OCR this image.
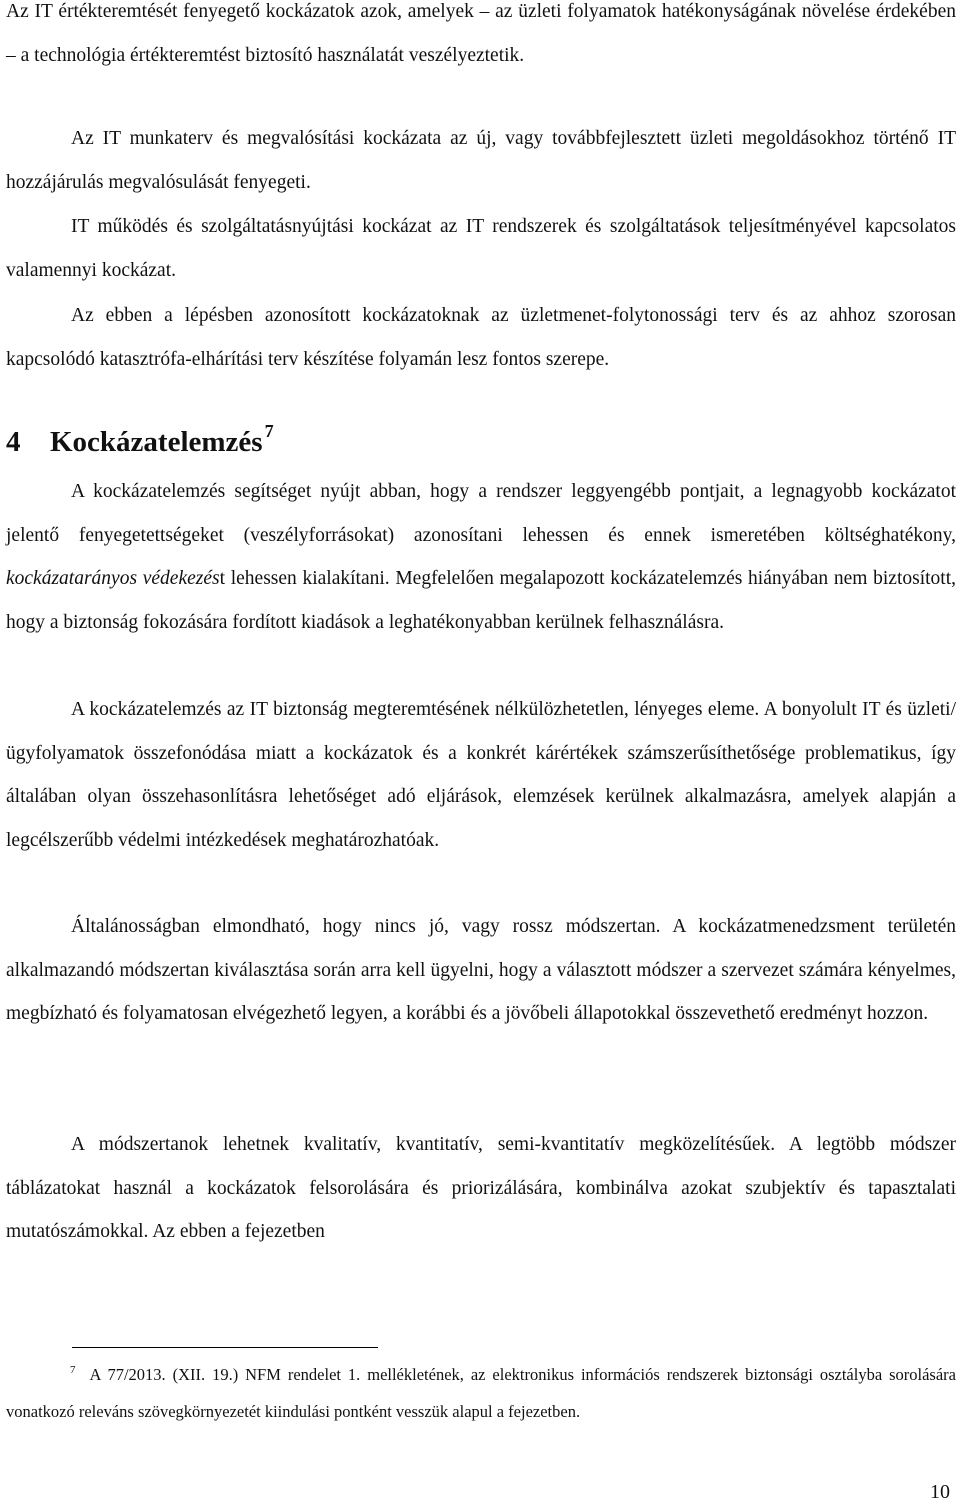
Az IT értékteremtését fenyegető kockázatok azok, amelyek – az üzleti folyamatok hatékonyságának növelése érdekében – a technológia értékteremtést biztosító használatát veszélyeztetik.

Az IT munkaterv és megvalósítási kockázata az új, vagy továbbfejlesztett üzleti megoldásokhoz történő IT hozzájárulás megvalósulását fenyegeti.

IT működés és szolgáltatásnyújtási kockázat az IT rendszerek és szolgáltatások teljesítményével kapcsolatos valamennyi kockázat.

Az ebben a lépésben azonosított kockázatoknak az üzletmenet-folytonossági terv és az ahhoz szorosan kapcsolódó katasztrófa-elhárítási terv készítése folyamán lesz fontos szerepe.

4 Kockázatelemzés $^7$

A kockázatelemzés segítséget nyújt abban, hogy a rendszer leggyengébb pontjait, a legnagyobb kockázatot jelentő fenyegetettségeket (veszélyforrásokat) azonosítani lehessen és ennek ismeretében költséghatékony, kockázatarányos védekezést lehessen kialakítani. Megfelelően megalapozott kockázatelemzés hiányában nem biztosított, hogy a biztonság fokozására fordított kiadások a leghatékonyabban kerülnek felhasználásra.

A kockázatelemzés az IT biztonság megteremtésének nélkülözhetetlen, lényeges eleme. A bonyolult IT és üzleti/ügyfolyamatok összefonódása miatt a kockázatok és a konkrét kárértékek számszerűsíthetősége problematikus, így általában olyan összehasonlításra lehetőséget adó eljárások, elemzések kerülnek alkalmazásra, amelyek alapján a legcélszerűbb védelmi intézkedések meghatározhatóak.

Általánosságban elmondható, hogy nincs jó, vagy rossz módszertan. A kockázatmenedzsment területén alkalmazandó módszertan kiválasztása során arra kell ügyelni, hogy a választott módszer a szervezet számára kényelmes, megbízható és folyamatosan elvégezhető legyen, a korábbi és a jövőbeli állapotokkal összevethető eredményt hozzon.

A módszertanok lehetnek kvalitatív, kvantitatív, semi-kvantitatív megközelítésűek. A legtöbb módszer táblázatokat használ a kockázatok felsorolására és priorizálására, kombinálva azokat szubjektív és tapasztalati mutatószámokkal. Az ebben a fejezetben

$^7$ A 77/2013. (XII. 19.) NFM rendelet 1. mellékletének, az elektronikus információs rendszerek biztonsági osztályba sorolására vonatkozó releváns szövegkörnyezetét kiindulási pontként vesszük alapul a fejezetben.

10
